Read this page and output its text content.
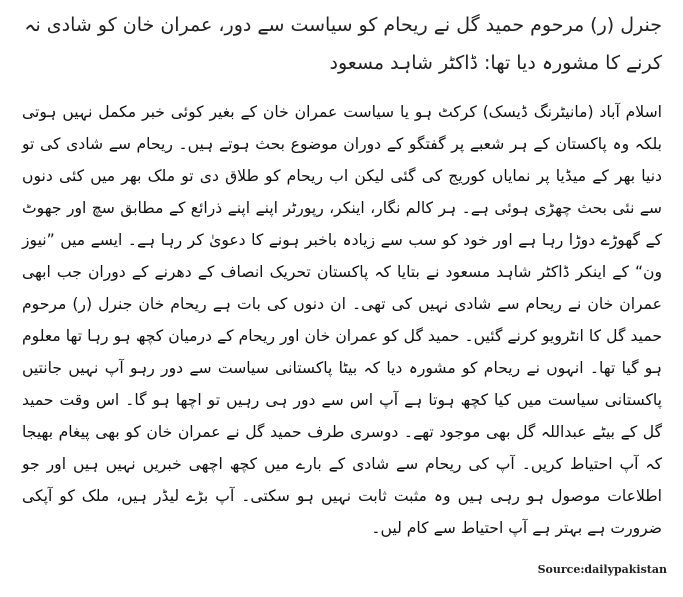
جنرل (ر) مرحوم حمید گل نے ریحام کو سیاست سے دور، عمران خان کو شادی نہ کرنے کا مشورہ دیا تھا: ڈاکٹر شاہد مسعود

اسلام آباد (مانیٹرنگ ڈیسک) کرکٹ ہو یا سیاست عمران خان کے بغیر کوئی خبر مکمل نہیں ہوتی بلکہ وہ پاکستان کے ہر شعبے پر گفتگو کے دوران موضوع بحث ہوتے ہیں۔ ریحام سے شادی کی تو دنیا بھر کے میڈیا پر نمایاں کوریج کی گئی لیکن اب ریحام کو طلاق دی تو ملک بھر میں کئی دنوں سے نئی بحث چھڑی ہوئی ہے۔ ہر کالم نگار، اینکر، رپورٹر اپنے اپنے ذرائع کے مطابق سچ اور جھوٹ کے گھوڑے دوڑا رہا ہے اور خود کو سب سے زیادہ باخبر ہونے کا دعویٰ کر رہا ہے۔ ایسے میں ”نیوز ون“ کے اینکر ڈاکٹر شاہد مسعود نے بتایا کہ پاکستان تحریک انصاف کے دھرنے کے دوران جب ابھی عمران خان نے ریحام سے شادی نہیں کی تھی۔ ان دنوں کی بات ہے ریحام خان جنرل (ر) مرحوم حمید گل کا انٹرویو کرنے گئیں۔ حمید گل کو عمران خان اور ریحام کے درمیان کچھ ہو رہا تھا معلوم ہو گیا تھا۔ انہوں نے ریحام کو مشورہ دیا کہ بیٹا پاکستانی سیاست سے دور رہو آپ نہیں جانتیں پاکستانی سیاست میں کیا کچھ ہوتا ہے آپ اس سے دور ہی رہیں تو اچھا ہو گا۔ اس وقت حمید گل کے بیٹے عبداللہ گل بھی موجود تھے۔ دوسری طرف حمید گل نے عمران خان کو بھی پیغام بھیجا کہ آپ احتیاط کریں۔ آپ کی ریحام سے شادی کے بارے میں کچھ اچھی خبریں نہیں ہیں اور جو اطلاعات موصول ہو رہی ہیں وہ مثبت ثابت نہیں ہو سکتی۔ آپ بڑے لیڈر ہیں، ملک کو آپکی ضرورت ہے بہتر ہے آپ احتیاط سے کام لیں۔

Source:dailypakistan
